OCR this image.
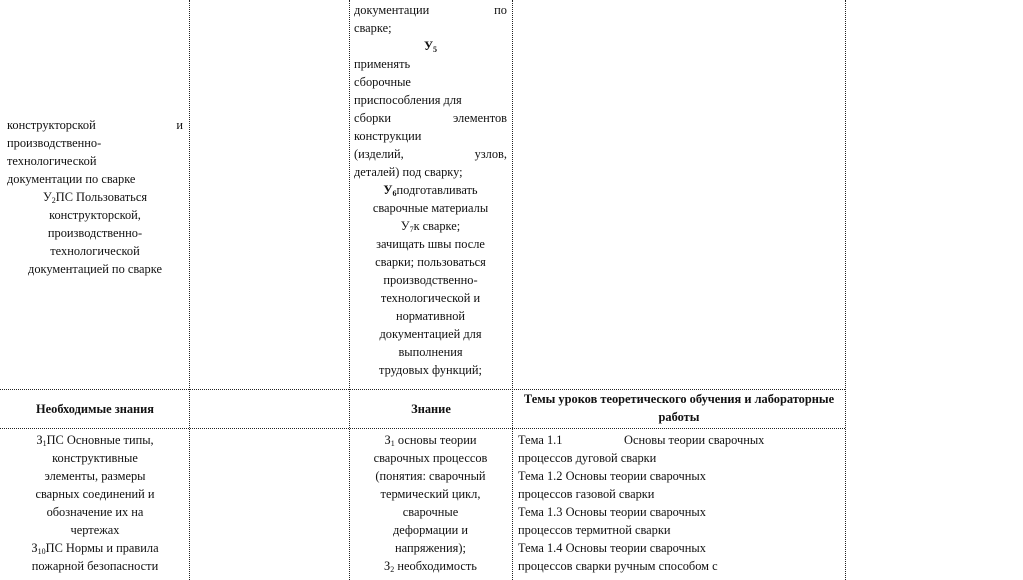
конструкторской и
производственно-
технологической
документации по сварке
$У_2ПС$ Пользоваться
конструкторской,
производственно-
технологической
документацией по сварке
документации по
сварке;
$У_5$
применять
сборочные
приспособления для
сборки элементов
конструкции
(изделий, узлов,
деталей) под сварку;
$У_6подготавливать$
сварочные материалы
$У_7к$ сварке;
зачищать швы после
сварки; пользоваться
производственно-
технологической и
нормативной
документацией для
выполнения
трудовых функций;
Необходимые знания	Знание
Темы уроков теоретического обучения и лабораторные работы
$З_1ПС$ Основные типы,
конструктивные
элементы, размеры
сварных соединений и
обозначение их на
чертежах
$З_{10}ПС$ Нормы и правила
пожарной безопасности
$З_1$ основы теории
сварочных процессов
(понятия: сварочный
термический цикл,
сварочные
деформации и
напряжения);
$З_2$ необходимость
Тема 1.1	Основы теории сварочных
процессов дуговой сварки
Тема 1.2 Основы теории сварочных
процессов газовой сварки
Тема 1.3 Основы теории сварочных
процессов термитной сварки
Тема 1.4 Основы теории сварочных
процессов сварки ручным способом с
